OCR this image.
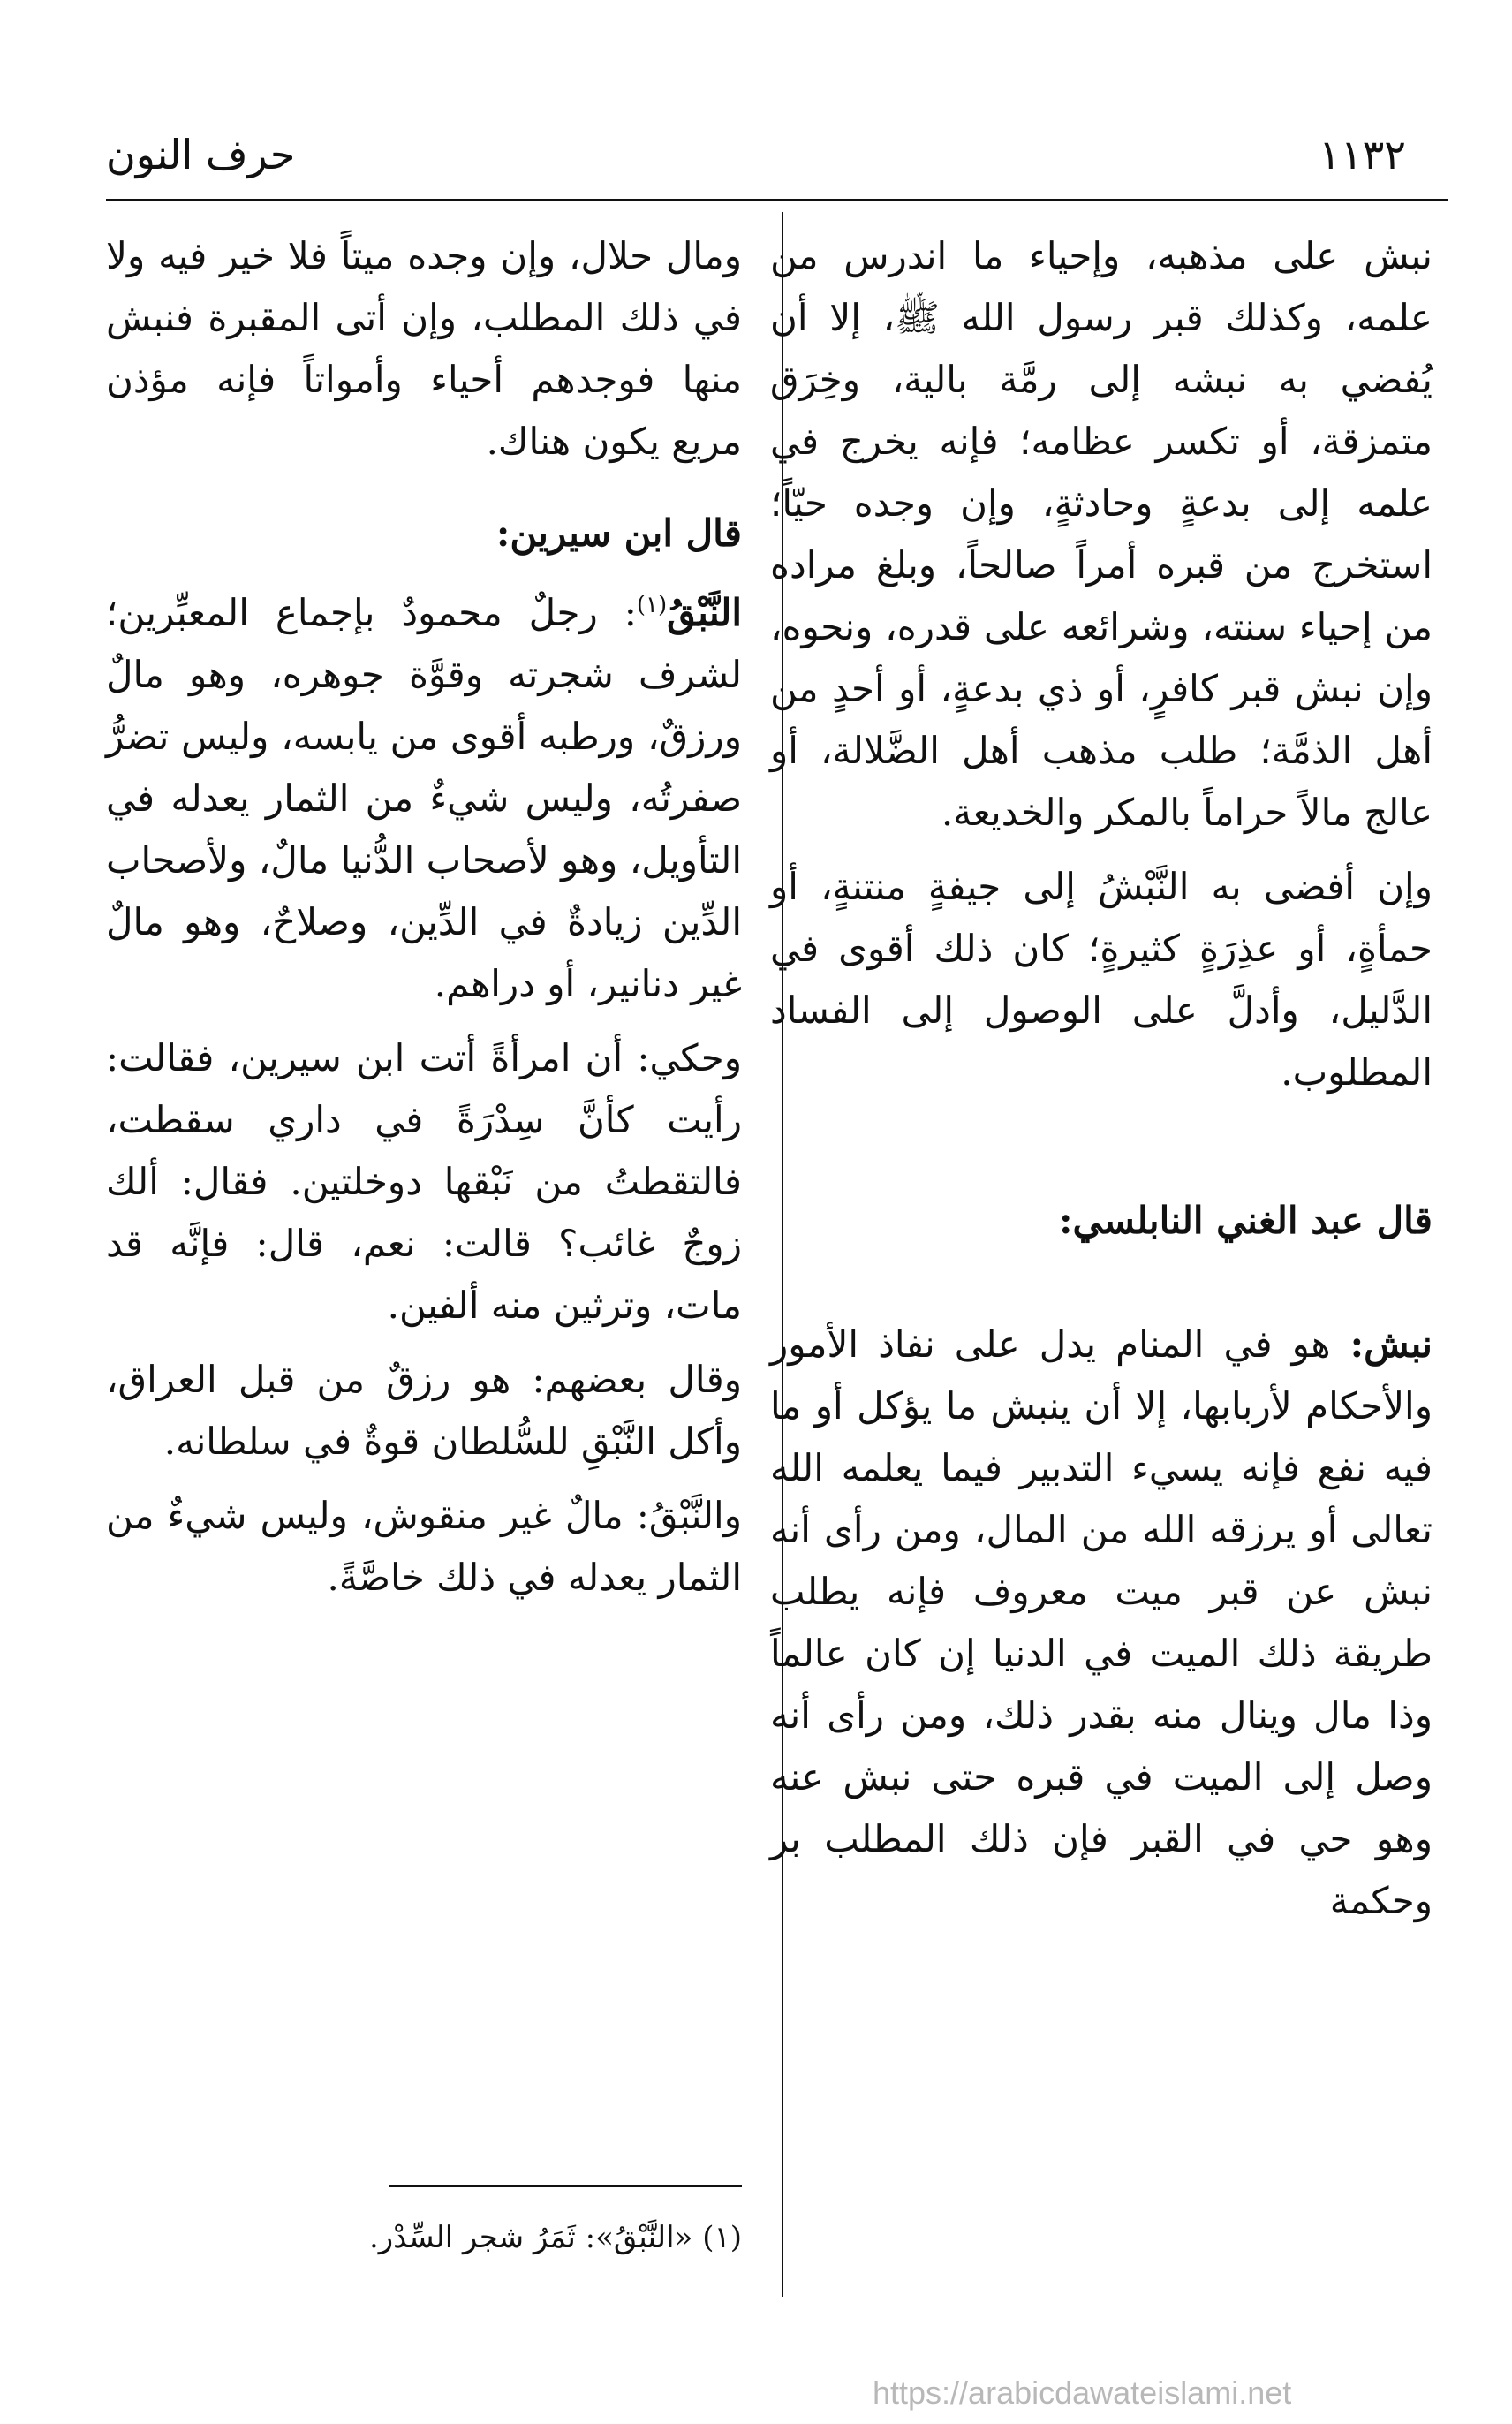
١١٣٢
حرف النون

نبش على مذهبه، وإحياء ما اندرس من علمه، وكذلك قبر رسول الله ﷺ، إلا أن يُفضي به نبشه إلى رمَّة بالية، وخِرَق متمزقة، أو تكسر عظامه؛ فإنه يخرج في علمه إلى بدعةٍ وحادثةٍ، وإن وجده حيّاً؛ استخرج من قبره أمراً صالحاً، وبلغ مراده من إحياء سنته، وشرائعه على قدره، ونحوه، وإن نبش قبر كافرٍ، أو ذي بدعةٍ، أو أحدٍ من أهل الذمَّة؛ طلب مذهب أهل الضَّلالة، أو عالج مالاً حراماً بالمكر والخديعة.

وإن أفضى به النَّبْشُ إلى جيفةٍ منتنةٍ، أو حمأةٍ، أو عذِرَةٍ كثيرةٍ؛ كان ذلك أقوى في الدَّليل، وأدلَّ على الوصول إلى الفساد المطلوب.

قال عبد الغني النابلسي:

نبش: هو في المنام يدل على نفاذ الأمور والأحكام لأربابها، إلا أن ينبش ما يؤكل أو ما فيه نفع فإنه يسيء التدبير فيما يعلمه الله تعالى أو يرزقه الله من المال، ومن رأى أنه نبش عن قبر ميت معروف فإنه يطلب طريقة ذلك الميت في الدنيا إن كان عالماً وذا مال وينال منه بقدر ذلك، ومن رأى أنه وصل إلى الميت في قبره حتى نبش عنه وهو حي في القبر فإن ذلك المطلب بر وحكمة

ومال حلال، وإن وجده ميتاً فلا خير فيه ولا في ذلك المطلب، وإن أتى المقبرة فنبش منها فوجدهم أحياء وأمواتاً فإنه مؤذن مريع يكون هناك.

قال ابن سيرين:

النَّبْقُ$^{(١)}$: رجلٌ محمودٌ بإجماع المعبِّرين؛ لشرف شجرته وقوَّة جوهره، وهو مالٌ ورزقٌ، ورطبه أقوى من يابسه، وليس تضرُّ صفرتُه، وليس شيءٌ من الثمار يعدله في التأويل، وهو لأصحاب الدُّنيا مالٌ، ولأصحاب الدِّين زيادةٌ في الدِّين، وصلاحٌ، وهو مالٌ غير دنانير، أو دراهم.

وحكي: أن امرأةً أتت ابن سيرين، فقالت: رأيت كأنَّ سِدْرَةً في داري سقطت، فالتقطتُ من نَبْقها دوخلتين. فقال: ألك زوجٌ غائب؟ قالت: نعم، قال: فإنَّه قد مات، وترثين منه ألفين.

وقال بعضهم: هو رزقٌ من قبل العراق، وأكل النَّبْقِ للسُّلطان قوةٌ في سلطانه.

والنَّبْقُ: مالٌ غير منقوش، وليس شيءٌ من الثمار يعدله في ذلك خاصَّةً.

(١) «النَّبْقُ»: ثَمَرُ شجر السِّدْر.
https://arabicdawateislami.net
